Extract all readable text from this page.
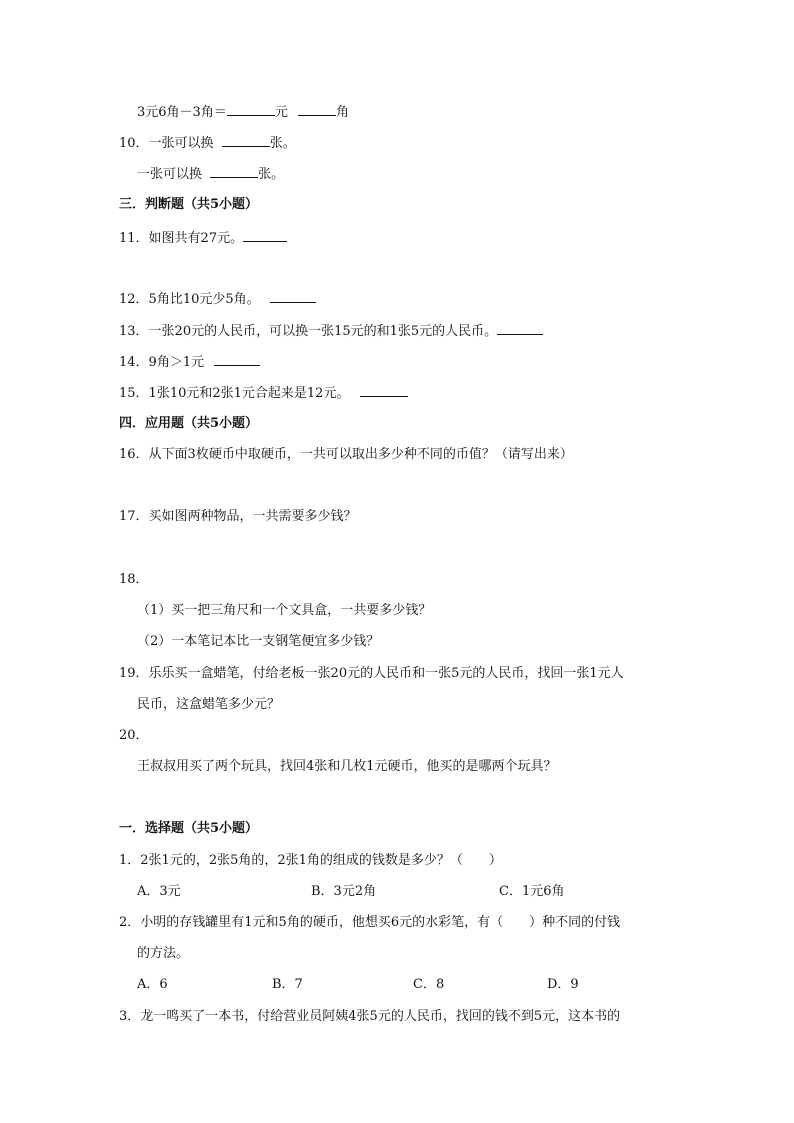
3元6角－3角＝	元	角
10．一张可以换	张。
一张可以换	张。
三．判断题（共5小题）
11．如图共有27元。
12．5角比10元少5角。
13．一张20元的人民币，可以换一张15元的和1张5元的人民币。
14．9角＞1元
15．1张10元和2张1元合起来是12元。
四．应用题（共5小题）
16．从下面3枚硬币中取硬币，一共可以取出多少种不同的币值？（请写出来）
17．买如图两种物品，一共需要多少钱？
18．
（1）买一把三角尺和一个文具盒，一共要多少钱？
（2）一本笔记本比一支钢笔便宜多少钱？
19．乐乐买一盒蜡笔，付给老板一张20元的人民币和一张5元的人民币，找回一张1元人
民币，这盒蜡笔多少元？
20．
王叔叔用买了两个玩具，找回4张和几枚1元硬币，他买的是哪两个玩具？
一．选择题（共5小题）
1．2张1元的，2张5角的，2张1角的组成的钱数是多少？（　　）
A．3元	B．3元2角	C．1元6角
2．小明的存钱罐里有1元和5角的硬币，他想买6元的水彩笔，有（　　）种不同的付钱
的方法。
A．6	B．7	C．8	D．9
3．龙一鸣买了一本书，付给营业员阿姨4张5元的人民币，找回的钱不到5元，这本书的
